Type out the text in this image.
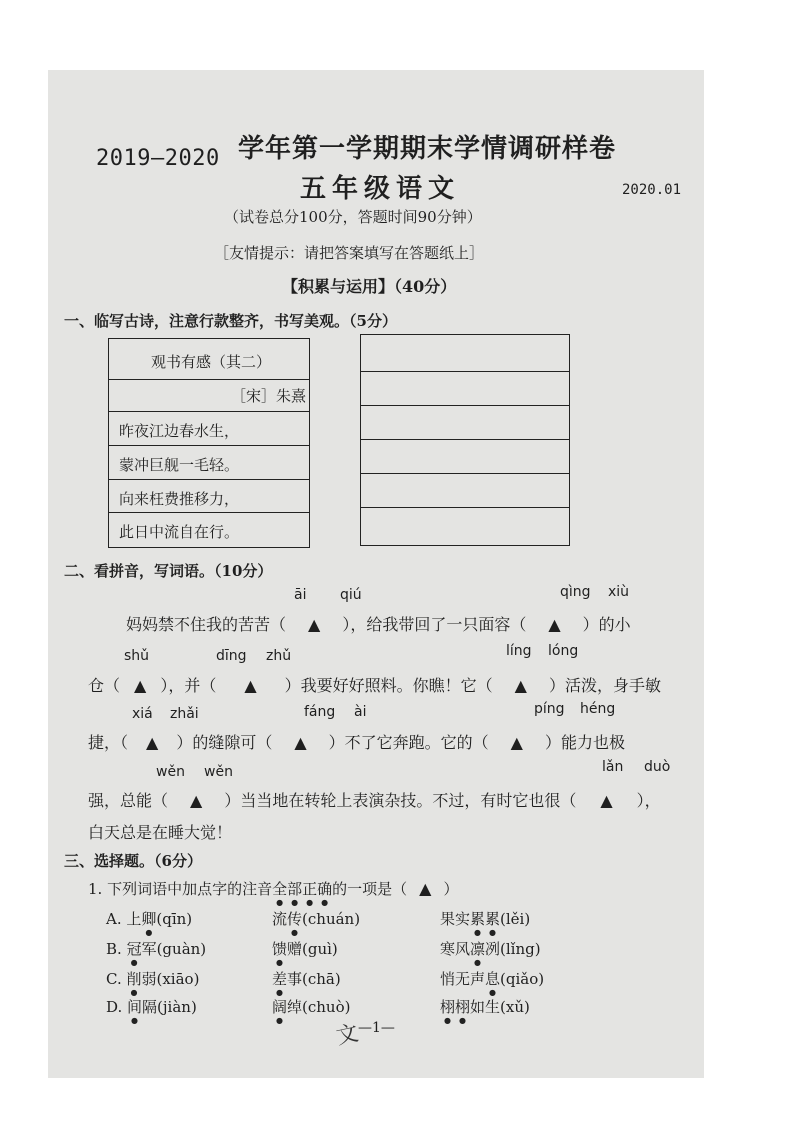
2019—2020 学年第一学期期末学情调研样卷
五年级语文	2020.01
（试卷总分100分，答题时间90分钟）
［友情提示：请把答案填写在答题纸上］
【积累与运用】（40分）
一、临写古诗，注意行款整齐，书写美观。（5分）
观书有感（其二）
［宋］朱熹
昨夜江边春水生，
蒙冲巨舰一毛轻。
向来枉费推移力，
此日中流自在行。
二、看拼音，写词语。（10分）
āi qiú	qìng xiù
妈妈禁不住我的苦苦（ ▲ ），给我带回了一只面容（ ▲ ）的小
shǔ	dīng zhǔ	líng lóng
仓（ ▲ ），并（ ▲ ）我要好好照料。你瞧！它（ ▲ ）活泼，身手敏
xiá zhǎi	fáng ài	píng héng
捷，（ ▲ ）的缝隙可（ ▲ ）不了它奔跑。它的（ ▲ ）能力也极
wěn wěn	lǎn duò
强，总能（ ▲ ）当当地在转轮上表演杂技。不过，有时它也很（ ▲ ），
白天总是在睡大觉！
三、选择题。（6分）
1. 下列词语中加点字的注音全部正确的一项是（ ▲ ）
A. 上卿(qīn)	流传(chuán)	果实累累(lěi)
B. 冠军(guàn)	馈赠(guì)	寒风凛冽(lǐng)
C. 削弱(xiāo)	差事(chā)	悄无声息(qiǎo)
D. 间隔(jiàn)	阔绰(chuò)	栩栩如生(xǔ)
文
—1—
